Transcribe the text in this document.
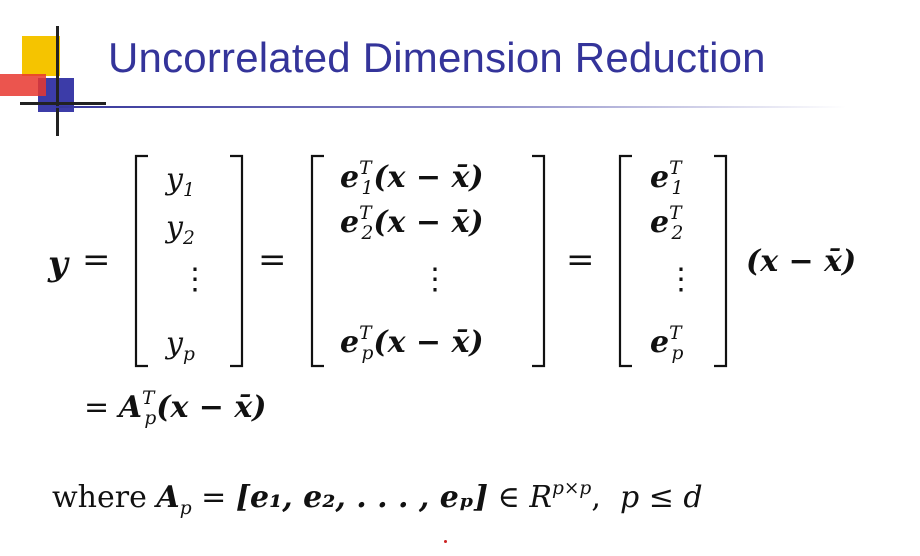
Uncorrelated Dimension Reduction
y =
$y_1$
$y_2$
⋮
$y_p$
=
$e^T_1(x$ − x̄)
$e^T_2(x$ − x̄)
⋮
$e^T_p(x$ − x̄)
=
$e^T_1$
$e^T_2$
⋮
$e^T_p$
(x − x̄)
= $A^T_p(x$ − x̄)
where $A_p = [e_1$, e₂, . . . , eₚ] ∈ $R^{p\times p}$,  p ≤ d
